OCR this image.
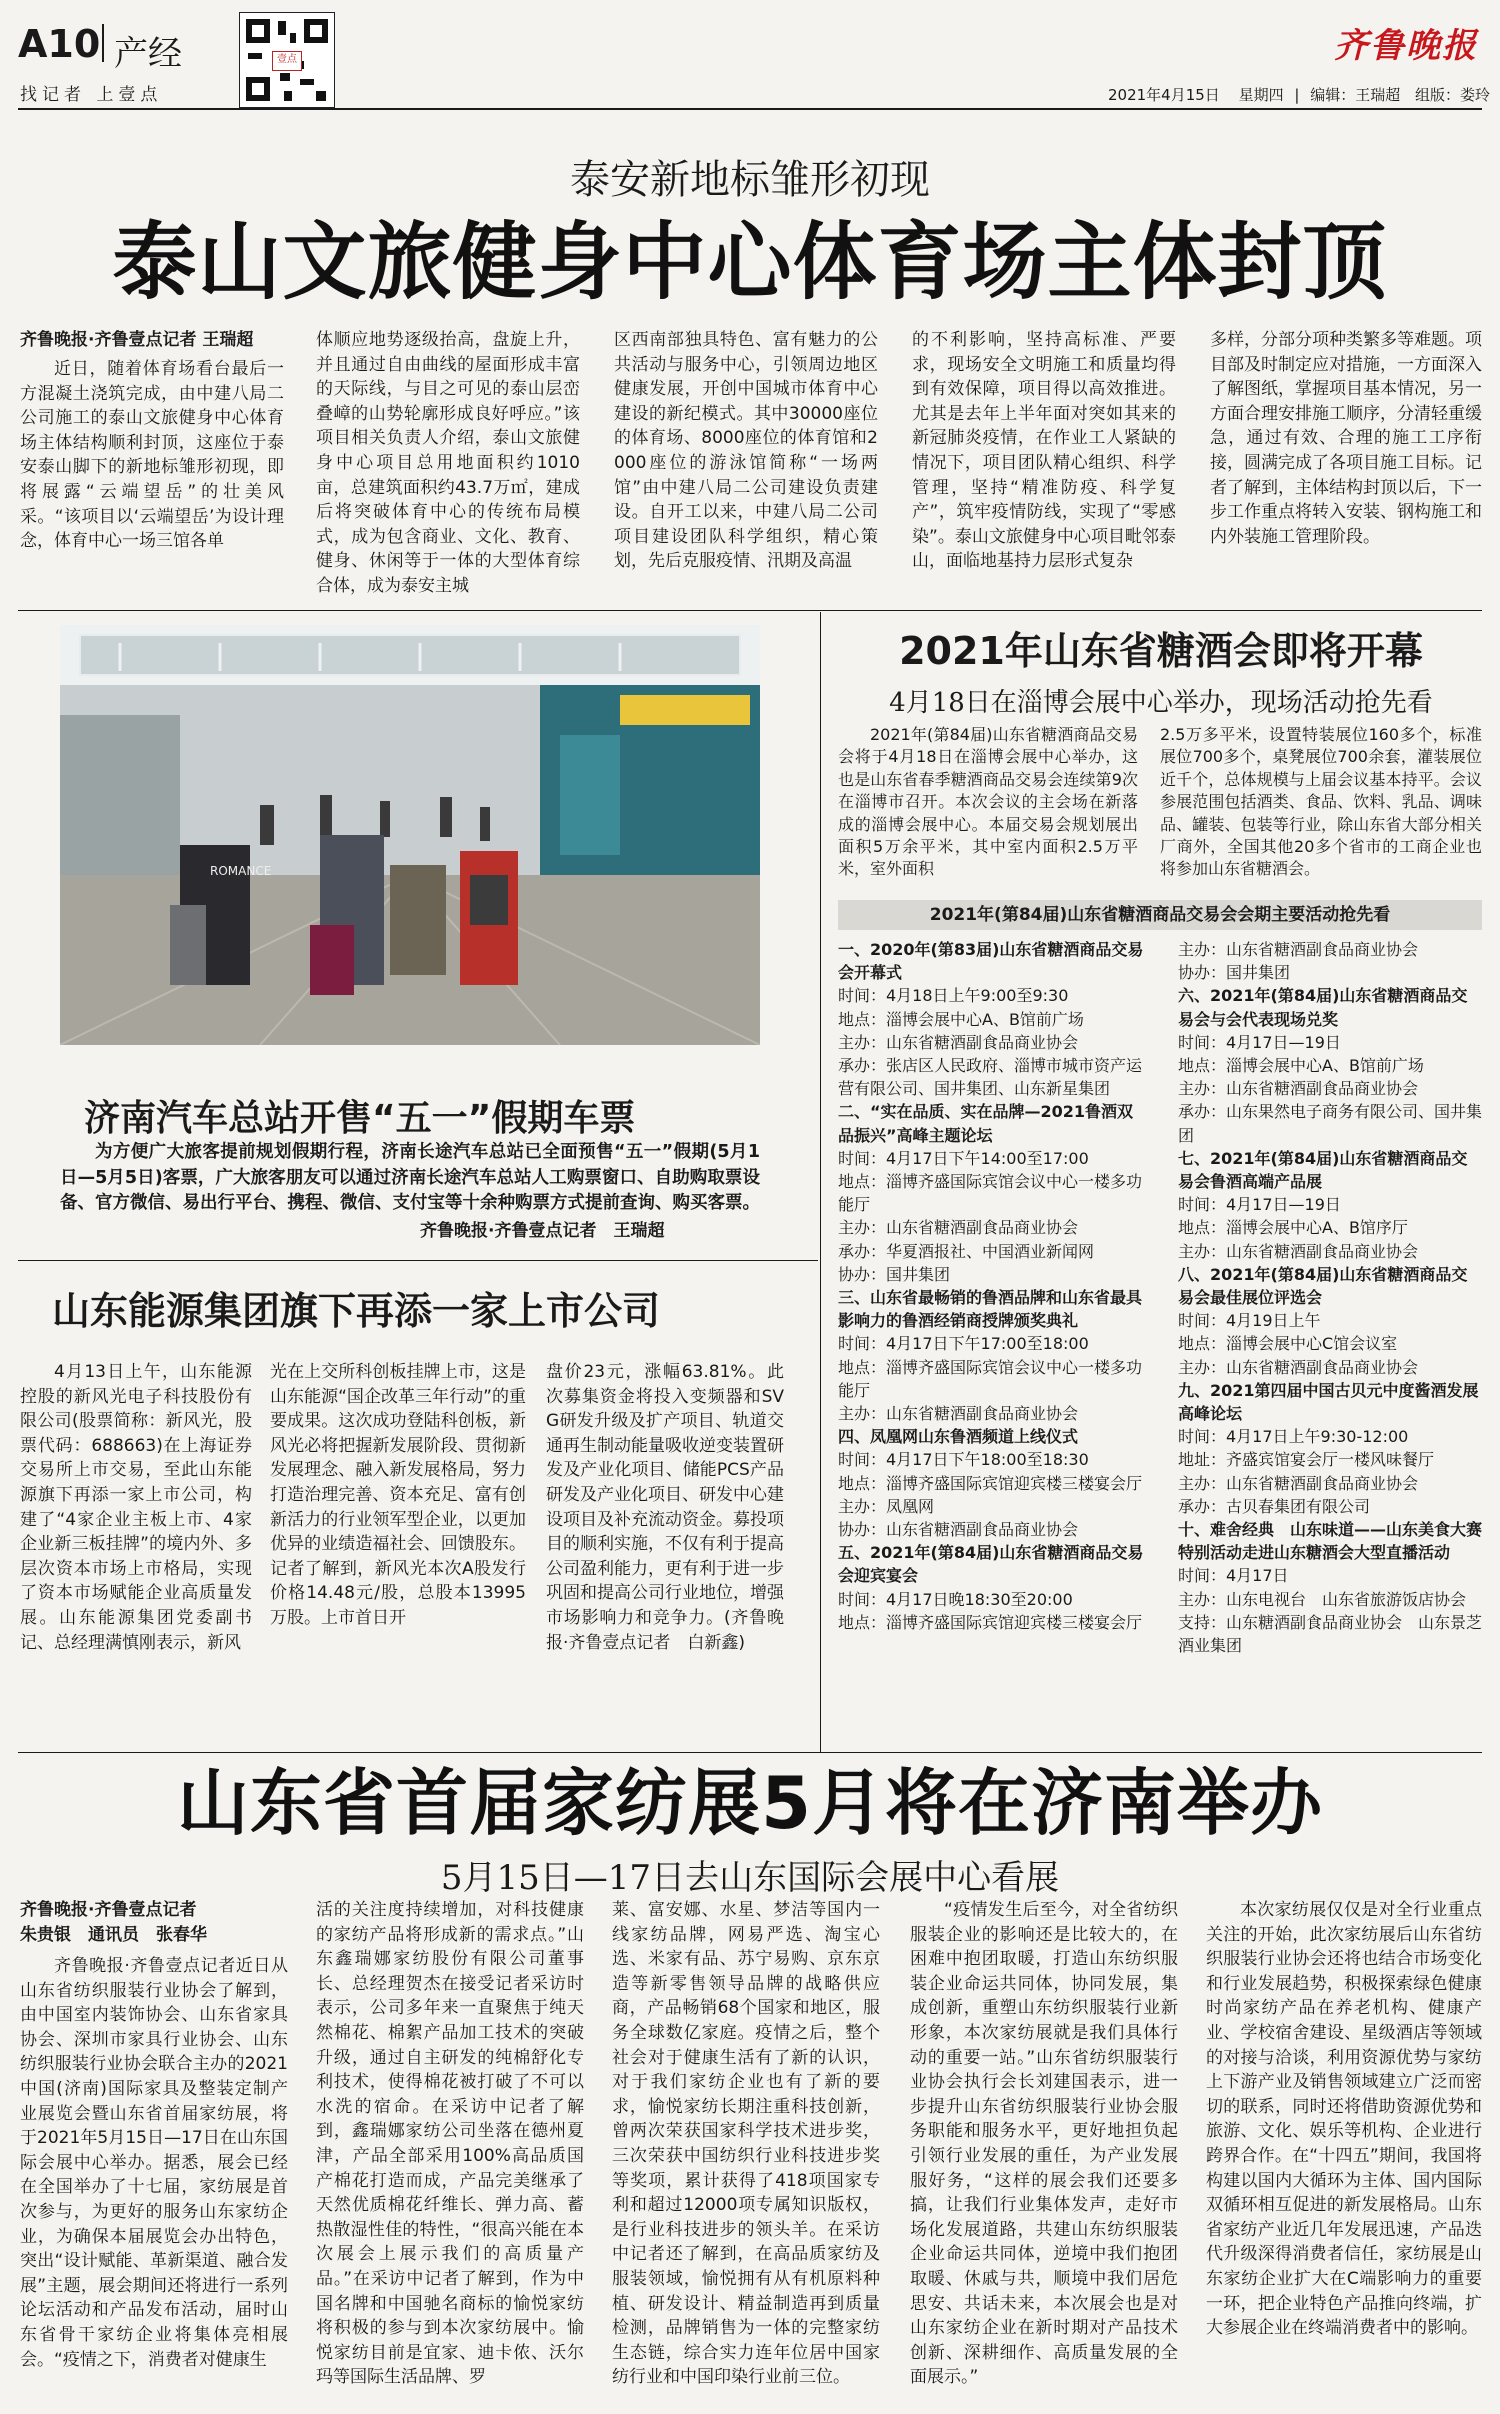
A10 产经
找记者 上壹点
壹点	齐鲁晚报
2021年4月15日 星期四 | 编辑：王瑞超 组版：娄玲
泰安新地标雏形初现
泰山文旅健身中心体育场主体封顶
齐鲁晚报·齐鲁壹点记者 王瑞超

近日，随着体育场看台最后一方混凝土浇筑完成，由中建八局二公司施工的泰山文旅健身中心体育场主体结构顺利封顶，这座位于泰安泰山脚下的新地标雏形初现，即将展露“云端望岳”的壮美风采。“该项目以‘云端望岳’为设计理念，体育中心一场三馆各单

体顺应地势逐级抬高，盘旋上升，并且通过自由曲线的屋面形成丰富的天际线，与目之可见的泰山层峦叠嶂的山势轮廓形成良好呼应。”该项目相关负责人介绍，泰山文旅健身中心项目总用地面积约1010亩，总建筑面积约43.7万㎡，建成后将突破体育中心的传统布局模式，成为包含商业、文化、教育、健身、休闲等于一体的大型体育综合体，成为泰安主城

区西南部独具特色、富有魅力的公共活动与服务中心，引领周边地区健康发展，开创中国城市体育中心建设的新纪模式。其中30000座位的体育场、8000座位的体育馆和2000座位的游泳馆简称“一场两馆”由中建八局二公司建设负责建设。自开工以来，中建八局二公司项目建设团队科学组织，精心策划，先后克服疫情、汛期及高温

的不利影响，坚持高标准、严要求，现场安全文明施工和质量均得到有效保障，项目得以高效推进。尤其是去年上半年面对突如其来的新冠肺炎疫情，在作业工人紧缺的情况下，项目团队精心组织、科学管理，坚持“精准防疫、科学复产”，筑牢疫情防线，实现了“零感染”。泰山文旅健身中心项目毗邻泰山，面临地基持力层形式复杂

多样，分部分项种类繁多等难题。项目部及时制定应对措施，一方面深入了解图纸，掌握项目基本情况，另一方面合理安排施工顺序，分清轻重缓急，通过有效、合理的施工工序衔接，圆满完成了各项目施工目标。记者了解到，主体结构封顶以后，下一步工作重点将转入安装、钢构施工和内外装施工管理阶段。

ROMANCE
济南汽车总站开售“五一”假期车票

为方便广大旅客提前规划假期行程，济南长途汽车总站已全面预售“五一”假期(5月1日—5月5日)客票，广大旅客朋友可以通过济南长途汽车总站人工购票窗口、自助购取票设备、官方微信、易出行平台、携程、微信、支付宝等十余种购票方式提前查询、购买客票。

齐鲁晚报·齐鲁壹点记者　王瑞超
山东能源集团旗下再添一家上市公司

4月13日上午，山东能源控股的新风光电子科技股份有限公司(股票简称：新风光，股票代码：688663)在上海证券交易所上市交易，至此山东能源旗下再添一家上市公司，构建了“4家企业主板上市、4家企业新三板挂牌”的境内外、多层次资本市场上市格局，实现了资本市场赋能企业高质量发展。山东能源集团党委副书记、总经理满慎刚表示，新风

光在上交所科创板挂牌上市，这是山东能源“国企改革三年行动”的重要成果。这次成功登陆科创板，新风光必将把握新发展阶段、贯彻新发展理念、融入新发展格局，努力打造治理完善、资本充足、富有创新活力的行业领军型企业，以更加优异的业绩造福社会、回馈股东。记者了解到，新风光本次A股发行价格14.48元/股，总股本13995万股。上市首日开

盘价23元，涨幅63.81%。此次募集资金将投入变频器和SVG研发升级及扩产项目、轨道交通再生制动能量吸收逆变装置研发及产业化项目、储能PCS产品研发及产业化项目、研发中心建设项目及补充流动资金。募投项目的顺利实施，不仅有利于提高公司盈利能力，更有利于进一步巩固和提高公司行业地位，增强市场影响力和竞争力。(齐鲁晚报·齐鲁壹点记者　白新鑫)

2021年山东省糖酒会即将开幕
4月18日在淄博会展中心举办，现场活动抢先看

2021年(第84届)山东省糖酒商品交易会将于4月18日在淄博会展中心举办，这也是山东省春季糖酒商品交易会连续第9次在淄博市召开。本次会议的主会场在新落成的淄博会展中心。本届交易会规划展出面积5万余平米，其中室内面积2.5万平米，室外面积

2.5万多平米，设置特装展位160多个，标准展位700多个，桌凳展位700余套，灌装展位近千个，总体规模与上届会议基本持平。会议参展范围包括酒类、食品、饮料、乳品、调味品、罐装、包装等行业，除山东省大部分相关厂商外，全国其他20多个省市的工商企业也将参加山东省糖酒会。

2021年(第84届)山东省糖酒商品交易会会期主要活动抢先看
一、2020年(第83届)山东省糖酒商品交易会开幕式
时间：4月18日上午9:00至9:30
地点：淄博会展中心A、B馆前广场
主办：山东省糖酒副食品商业协会
承办：张店区人民政府、淄博市城市资产运营有限公司、国井集团、山东新星集团
二、“实在品质、实在品牌—2021鲁酒双品振兴”高峰主题论坛
时间：4月17日下午14:00至17:00
地点：淄博齐盛国际宾馆会议中心一楼多功能厅
主办：山东省糖酒副食品商业协会
承办：华夏酒报社、中国酒业新闻网
协办：国井集团
三、山东省最畅销的鲁酒品牌和山东省最具影响力的鲁酒经销商授牌颁奖典礼
时间：4月17日下午17:00至18:00
地点：淄博齐盛国际宾馆会议中心一楼多功能厅
主办：山东省糖酒副食品商业协会
四、凤凰网山东鲁酒频道上线仪式
时间：4月17日下午18:00至18:30
地点：淄博齐盛国际宾馆迎宾楼三楼宴会厅
主办：凤凰网
协办：山东省糖酒副食品商业协会
五、2021年(第84届)山东省糖酒商品交易会迎宾宴会
时间：4月17日晚18:30至20:00
地点：淄博齐盛国际宾馆迎宾楼三楼宴会厅
主办：山东省糖酒副食品商业协会
协办：国井集团
六、2021年(第84届)山东省糖酒商品交易会与会代表现场兑奖
时间：4月17日—19日
地点：淄博会展中心A、B馆前广场
主办：山东省糖酒副食品商业协会
承办：山东果然电子商务有限公司、国井集团
七、2021年(第84届)山东省糖酒商品交易会鲁酒高端产品展
时间：4月17日—19日
地点：淄博会展中心A、B馆序厅
主办：山东省糖酒副食品商业协会
八、2021年(第84届)山东省糖酒商品交易会最佳展位评选会
时间：4月19日上午
地点：淄博会展中心C馆会议室
主办：山东省糖酒副食品商业协会
九、2021第四届中国古贝元中度酱酒发展高峰论坛
时间：4月17日上午9:30-12:00
地址：齐盛宾馆宴会厅一楼风味餐厅
主办：山东省糖酒副食品商业协会
承办：古贝春集团有限公司
十、难舍经典　山东味道——山东美食大赛特别活动走进山东糖酒会大型直播活动
时间：4月17日
主办：山东电视台　山东省旅游饭店协会
支持：山东糖酒副食品商业协会　山东景芝酒业集团
山东省首届家纺展5月将在济南举办
5月15日—17日去山东国际会展中心看展
齐鲁晚报·齐鲁壹点记者
朱贵银　通讯员　张春华

齐鲁晚报·齐鲁壹点记者近日从山东省纺织服装行业协会了解到，由中国室内装饰协会、山东省家具协会、深圳市家具行业协会、山东纺织服装行业协会联合主办的2021中国(济南)国际家具及整装定制产业展览会暨山东省首届家纺展，将于2021年5月15日—17日在山东国际会展中心举办。据悉，展会已经在全国举办了十七届，家纺展是首次参与，为更好的服务山东家纺企业，为确保本届展览会办出特色，突出“设计赋能、革新渠道、融合发展”主题，展会期间还将进行一系列论坛活动和产品发布活动，届时山东省骨干家纺企业将集体亮相展会。“疫情之下，消费者对健康生

活的关注度持续增加，对科技健康的家纺产品将形成新的需求点。”山东鑫瑞娜家纺股份有限公司董事长、总经理贺杰在接受记者采访时表示，公司多年来一直聚焦于纯天然棉花、棉絮产品加工技术的突破升级，通过自主研发的纯棉舒化专利技术，使得棉花被打破了不可以水洗的宿命。在采访中记者了解到，鑫瑞娜家纺公司坐落在德州夏津，产品全部采用100%高品质国产棉花打造而成，产品完美继承了天然优质棉花纤维长、弹力高、蓄热散湿性佳的特性，“很高兴能在本次展会上展示我们的高质量产品。”在采访中记者了解到，作为中国名牌和中国驰名商标的愉悦家纺将积极的参与到本次家纺展中。愉悦家纺目前是宜家、迪卡侬、沃尔玛等国际生活品牌、罗

莱、富安娜、水星、梦洁等国内一线家纺品牌，网易严选、淘宝心选、米家有品、苏宁易购、京东京造等新零售领导品牌的战略供应商，产品畅销68个国家和地区，服务全球数亿家庭。疫情之后，整个社会对于健康生活有了新的认识，对于我们家纺企业也有了新的要求，愉悦家纺长期注重科技创新，曾两次荣获国家科学技术进步奖，三次荣获中国纺织行业科技进步奖等奖项，累计获得了418项国家专利和超过12000项专属知识版权，是行业科技进步的领头羊。在采访中记者还了解到，在高品质家纺及服装领域，愉悦拥有从有机原料种植、研发设计、精益制造再到质量检测，品牌销售为一体的完整家纺生态链，综合实力连年位居中国家纺行业和中国印染行业前三位。

“疫情发生后至今，对全省纺织服装企业的影响还是比较大的，在困难中抱团取暖，打造山东纺织服装企业命运共同体，协同发展，集成创新，重塑山东纺织服装行业新形象，本次家纺展就是我们具体行动的重要一站。”山东省纺织服装行业协会执行会长刘建国表示，进一步提升山东省纺织服装行业协会服务职能和服务水平，更好地担负起引领行业发展的重任，为产业发展服好务，“这样的展会我们还要多搞，让我们行业集体发声，走好市场化发展道路，共建山东纺织服装企业命运共同体，逆境中我们抱团取暖、休戚与共，顺境中我们居危思安、共话未来，本次展会也是对山东家纺企业在新时期对产品技术创新、深耕细作、高质量发展的全面展示。”

本次家纺展仅仅是对全行业重点关注的开始，此次家纺展后山东省纺织服装行业协会还将也结合市场变化和行业发展趋势，积极探索绿色健康时尚家纺产品在养老机构、健康产业、学校宿舍建设、星级酒店等领域的对接与洽谈，利用资源优势与家纺上下游产业及销售领域建立广泛而密切的联系，同时还将借助资源优势和旅游、文化、娱乐等机构、企业进行跨界合作。在“十四五”期间，我国将构建以国内大循环为主体、国内国际双循环相互促进的新发展格局。山东省家纺产业近几年发展迅速，产品迭代升级深得消费者信任，家纺展是山东家纺企业扩大在C端影响力的重要一环，把企业特色产品推向终端，扩大参展企业在终端消费者中的影响。
